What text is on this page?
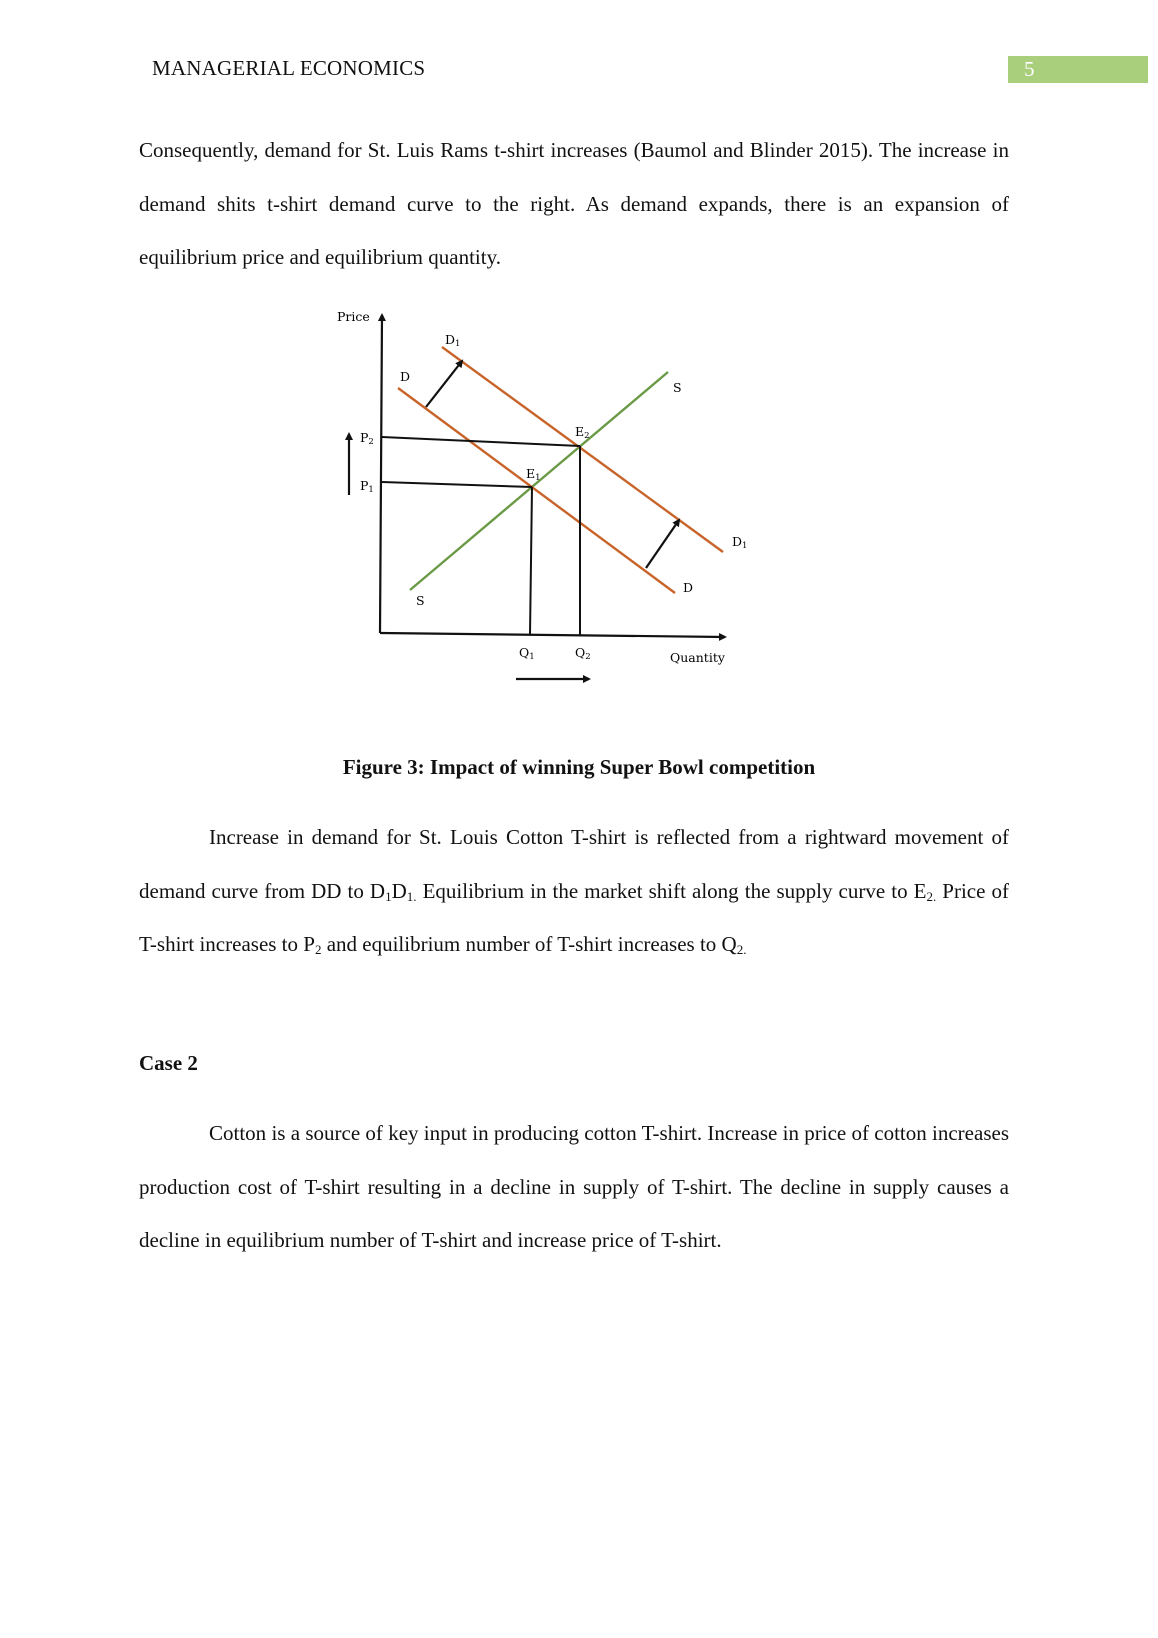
MANAGERIAL ECONOMICS	5

Consequently, demand for St. Luis Rams t-shirt increases (Baumol and Blinder 2015). The increase in demand shits t-shirt demand curve to the right. As demand expands, there is an expansion of equilibrium price and equilibrium quantity.

Price
Quantity
S
S
D
D
D1
D1
E1
E2
P2
P1
Q1	Q2
Figure 3: Impact of winning Super Bowl competition

Increase in demand for St. Louis Cotton T-shirt is reflected from a rightward movement of demand curve from DD to $D_1D_{1.}$ Equilibrium in the market shift along the supply curve to $E_{2.}$ Price of T-shirt increases to $P_2$ and equilibrium number of T-shirt increases to $Q_{2.}$

Case 2

Cotton is a source of key input in producing cotton T-shirt. Increase in price of cotton increases production cost of T-shirt resulting in a decline in supply of T-shirt. The decline in supply causes a decline in equilibrium number of T-shirt and increase price of T-shirt.
